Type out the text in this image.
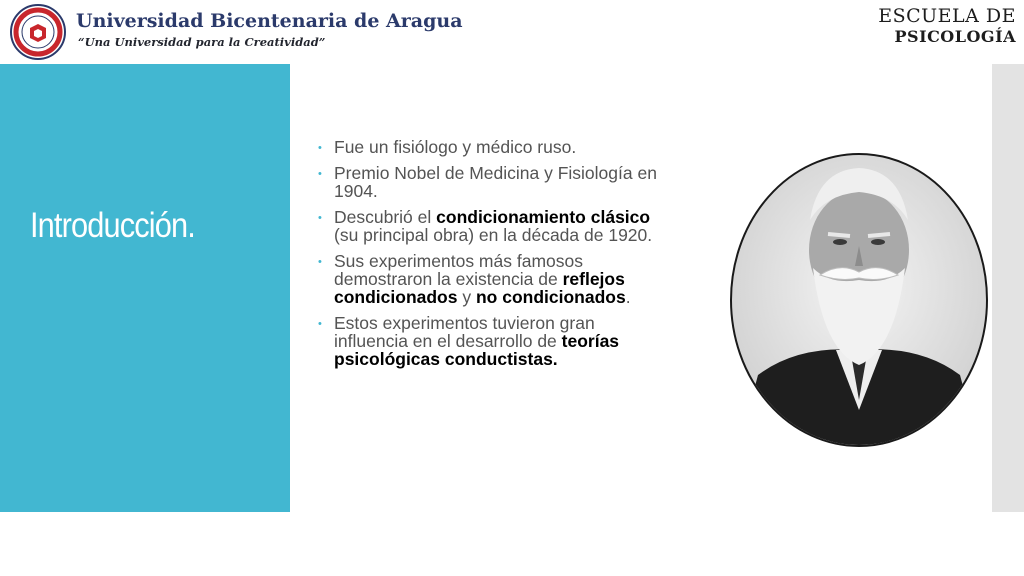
Universidad Bicentenaria de Aragua
“Una Universidad para la Creatividad”
ESCUELA DE
PSICOLOGÍA
Introducción.
• Fue un fisiólogo y médico ruso.
• Premio Nobel de Medicina y Fisiología en 1904.
• Descubrió el condicionamiento clásico (su principal obra) en la década de 1920.
• Sus experimentos más famosos demostraron la existencia de reflejos condicionados y no condicionados.
• Estos experimentos tuvieron gran influencia en el desarrollo de teorías psicológicas conductistas.
